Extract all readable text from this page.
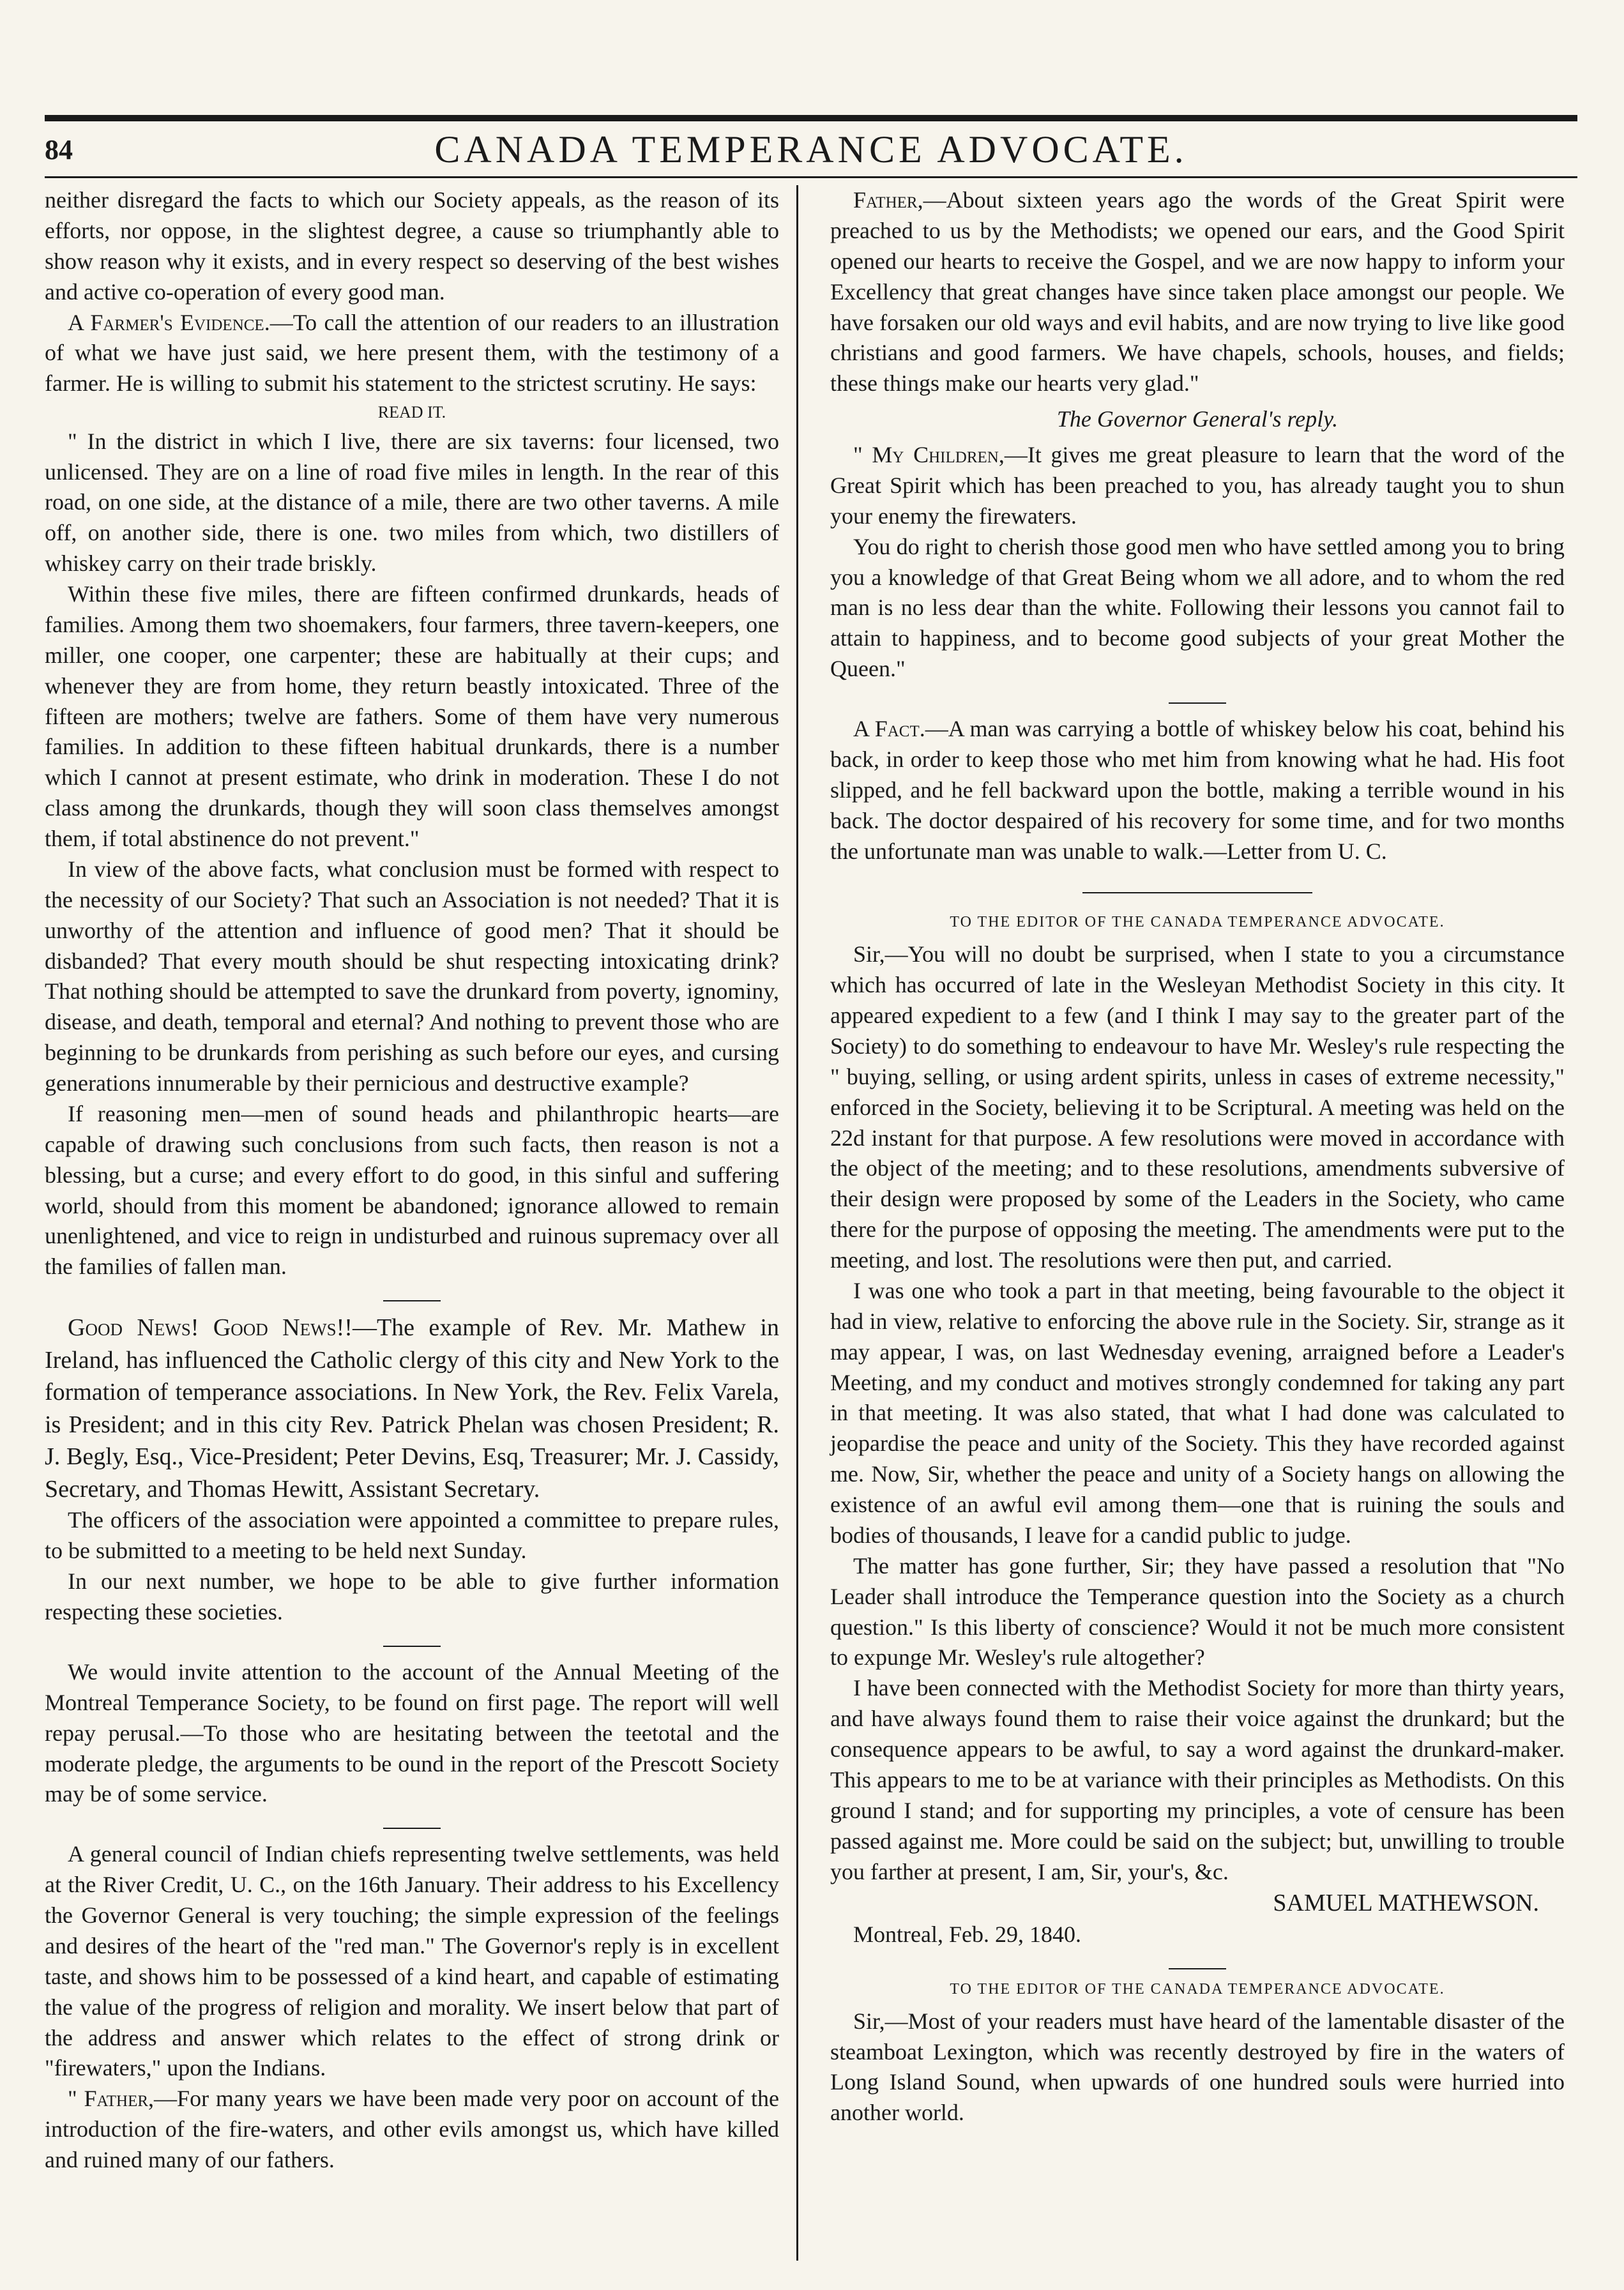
84	CANADA TEMPERANCE ADVOCATE.

neither disregard the facts to which our Society appeals, as the reason of its efforts, nor oppose, in the slightest degree, a cause so triumphantly able to show reason why it exists, and in every respect so deserving of the best wishes and active co-operation of every good man.

A Farmer's Evidence.—To call the attention of our readers to an illustration of what we have just said, we here present them, with the testimony of a farmer. He is willing to submit his statement to the strictest scrutiny. He says:

READ IT.

" In the district in which I live, there are six taverns: four licensed, two unlicensed. They are on a line of road five miles in length. In the rear of this road, on one side, at the distance of a mile, there are two other taverns. A mile off, on another side, there is one. two miles from which, two distillers of whiskey carry on their trade briskly.

Within these five miles, there are fifteen confirmed drunkards, heads of families. Among them two shoemakers, four farmers, three tavern-keepers, one miller, one cooper, one carpenter; these are habitually at their cups; and whenever they are from home, they return beastly intoxicated. Three of the fifteen are mothers; twelve are fathers. Some of them have very numerous families. In addition to these fifteen habitual drunkards, there is a number which I cannot at present estimate, who drink in moderation. These I do not class among the drunkards, though they will soon class themselves amongst them, if total abstinence do not prevent."

In view of the above facts, what conclusion must be formed with respect to the necessity of our Society? That such an Association is not needed? That it is unworthy of the attention and influence of good men? That it should be disbanded? That every mouth should be shut respecting intoxicating drink? That nothing should be attempted to save the drunkard from poverty, ignominy, disease, and death, temporal and eternal? And nothing to prevent those who are beginning to be drunkards from perishing as such before our eyes, and cursing generations innumerable by their pernicious and destructive example?

If reasoning men—men of sound heads and philanthropic hearts—are capable of drawing such conclusions from such facts, then reason is not a blessing, but a curse; and every effort to do good, in this sinful and suffering world, should from this moment be abandoned; ignorance allowed to remain unenlightened, and vice to reign in undisturbed and ruinous supremacy over all the families of fallen man.

Good News! Good News!!—The example of Rev. Mr. Mathew in Ireland, has influenced the Catholic clergy of this city and New York to the formation of temperance associations. In New York, the Rev. Felix Varela, is President; and in this city Rev. Patrick Phelan was chosen President; R. J. Begly, Esq., Vice-President; Peter Devins, Esq, Treasurer; Mr. J. Cassidy, Secretary, and Thomas Hewitt, Assistant Secretary.

The officers of the association were appointed a committee to prepare rules, to be submitted to a meeting to be held next Sunday.

In our next number, we hope to be able to give further information respecting these societies.

We would invite attention to the account of the Annual Meeting of the Montreal Temperance Society, to be found on first page. The report will well repay perusal.—To those who are hesitating between the teetotal and the moderate pledge, the arguments to be ound in the report of the Prescott Society may be of some service.

A general council of Indian chiefs representing twelve settlements, was held at the River Credit, U. C., on the 16th January. Their address to his Excellency the Governor General is very touching; the simple expression of the feelings and desires of the heart of the "red man." The Governor's reply is in excellent taste, and shows him to be possessed of a kind heart, and capable of estimating the value of the progress of religion and morality. We insert below that part of the address and answer which relates to the effect of strong drink or "firewaters," upon the Indians.

" Father,—For many years we have been made very poor on account of the introduction of the fire-waters, and other evils amongst us, which have killed and ruined many of our fathers.

Father,—About sixteen years ago the words of the Great Spirit were preached to us by the Methodists; we opened our ears, and the Good Spirit opened our hearts to receive the Gospel, and we are now happy to inform your Excellency that great changes have since taken place amongst our people. We have forsaken our old ways and evil habits, and are now trying to live like good christians and good farmers. We have chapels, schools, houses, and fields; these things make our hearts very glad."

The Governor General's reply.

" My Children,—It gives me great pleasure to learn that the word of the Great Spirit which has been preached to you, has already taught you to shun your enemy the firewaters.

You do right to cherish those good men who have settled among you to bring you a knowledge of that Great Being whom we all adore, and to whom the red man is no less dear than the white. Following their lessons you cannot fail to attain to happiness, and to become good subjects of your great Mother the Queen."

A Fact.—A man was carrying a bottle of whiskey below his coat, behind his back, in order to keep those who met him from knowing what he had. His foot slipped, and he fell backward upon the bottle, making a terrible wound in his back. The doctor despaired of his recovery for some time, and for two months the unfortunate man was unable to walk.—Letter from U. C.

TO THE EDITOR OF THE CANADA TEMPERANCE ADVOCATE.

Sir,—You will no doubt be surprised, when I state to you a circumstance which has occurred of late in the Wesleyan Methodist Society in this city. It appeared expedient to a few (and I think I may say to the greater part of the Society) to do something to endeavour to have Mr. Wesley's rule respecting the " buying, selling, or using ardent spirits, unless in cases of extreme necessity," enforced in the Society, believing it to be Scriptural. A meeting was held on the 22d instant for that purpose. A few resolutions were moved in accordance with the object of the meeting; and to these resolutions, amendments subversive of their design were proposed by some of the Leaders in the Society, who came there for the purpose of opposing the meeting. The amendments were put to the meeting, and lost. The resolutions were then put, and carried.

I was one who took a part in that meeting, being favourable to the object it had in view, relative to enforcing the above rule in the Society. Sir, strange as it may appear, I was, on last Wednesday evening, arraigned before a Leader's Meeting, and my conduct and motives strongly condemned for taking any part in that meeting. It was also stated, that what I had done was calculated to jeopardise the peace and unity of the Society. This they have recorded against me. Now, Sir, whether the peace and unity of a Society hangs on allowing the existence of an awful evil among them—one that is ruining the souls and bodies of thousands, I leave for a candid public to judge.

The matter has gone further, Sir; they have passed a resolution that "No Leader shall introduce the Temperance question into the Society as a church question." Is this liberty of conscience? Would it not be much more consistent to expunge Mr. Wesley's rule altogether?

I have been connected with the Methodist Society for more than thirty years, and have always found them to raise their voice against the drunkard; but the consequence appears to be awful, to say a word against the drunkard-maker. This appears to me to be at variance with their principles as Methodists. On this ground I stand; and for supporting my principles, a vote of censure has been passed against me. More could be said on the subject; but, unwilling to trouble you farther at present, I am, Sir, your's, &c.

SAMUEL MATHEWSON.

Montreal, Feb. 29, 1840.

TO THE EDITOR OF THE CANADA TEMPERANCE ADVOCATE.

Sir,—Most of your readers must have heard of the lamentable disaster of the steamboat Lexington, which was recently destroyed by fire in the waters of Long Island Sound, when upwards of one hundred souls were hurried into another world.
